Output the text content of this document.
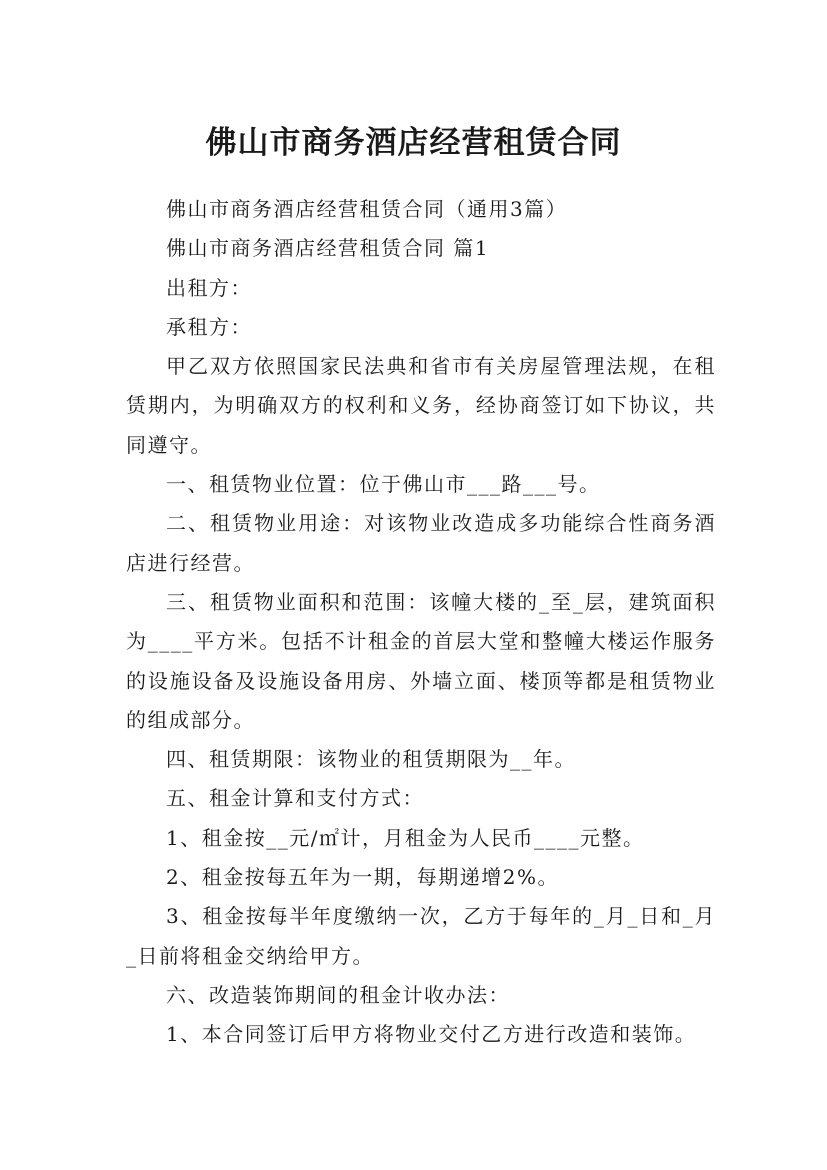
佛山市商务酒店经营租赁合同

佛山市商务酒店经营租赁合同（通用3篇）

佛山市商务酒店经营租赁合同 篇1

出租方：

承租方：

甲乙双方依照国家民法典和省市有关房屋管理法规，在租赁期内，为明确双方的权利和义务，经协商签订如下协议，共同遵守。

一、租赁物业位置：位于佛山市___路___号。

二、租赁物业用途：对该物业改造成多功能综合性商务酒店进行经营。

三、租赁物业面积和范围：该幢大楼的_至_层，建筑面积为____平方米。包括不计租金的首层大堂和整幢大楼运作服务的设施设备及设施设备用房、外墙立面、楼顶等都是租赁物业的组成部分。

四、租赁期限：该物业的租赁期限为__年。

五、租金计算和支付方式：

1、租金按__元/㎡计，月租金为人民币____元整。

2、租金按每五年为一期，每期递增2%。

3、租金按每半年度缴纳一次，乙方于每年的_月_日和_月_日前将租金交纳给甲方。

六、改造装饰期间的租金计收办法：

1、本合同签订后甲方将物业交付乙方进行改造和装饰。
